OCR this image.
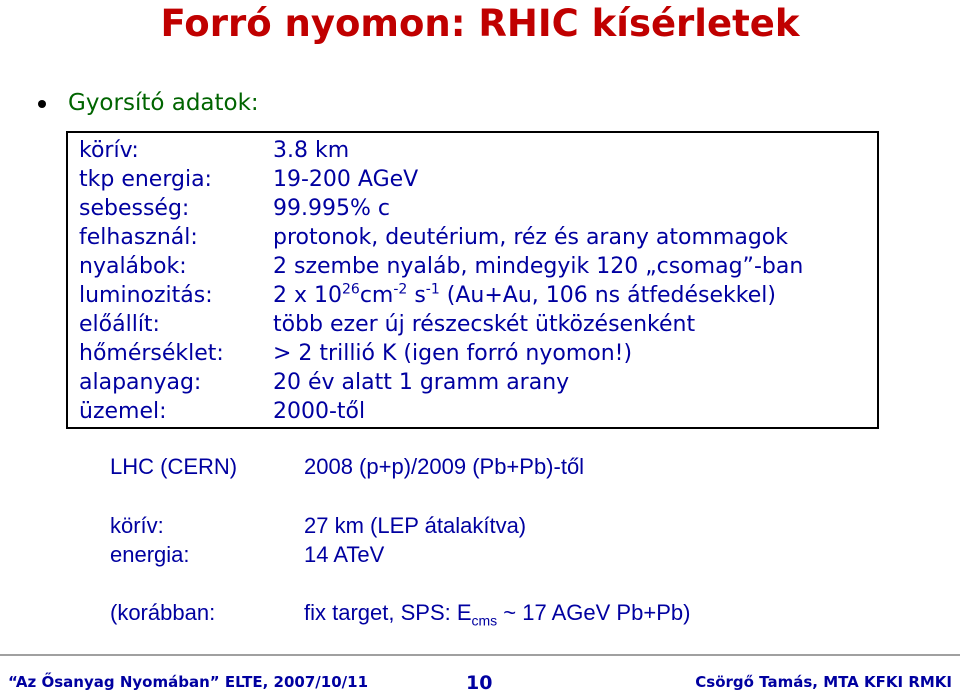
Forró nyomon: RHIC kísérletek
Gyorsító adatok:
körív:	3.8 km
tkp energia:	19-200 AGeV
sebesség:	99.995% c
felhasznál:	protonok, deutérium, réz és arany atommagok
nyalábok:	2 szembe nyaláb, mindegyik 120 „csomag”-ban
luminozitás:	2 x $10^{26}cm^{-2}$ $s^{-1}$ (Au+Au, 106 ns átfedésekkel)
előállít:	több ezer új részecskét ütközésenként
hőmérséklet: > 2 trillió K (igen forró nyomon!)
alapanyag:	20 év alatt 1 gramm arany
üzemel:	2000-től
LHC (CERN)	2008 (p+p)/2009 (Pb+Pb)-től
körív:	27 km (LEP átalakítva)
energia:	14 ATeV
(korábban:	fix target, SPS: $E_{cms}$ ~ 17 AGeV Pb+Pb)
“Az Ősanyag Nyomában” ELTE, 2007/10/11	10	Csörgő Tamás, MTA KFKI RMKI
